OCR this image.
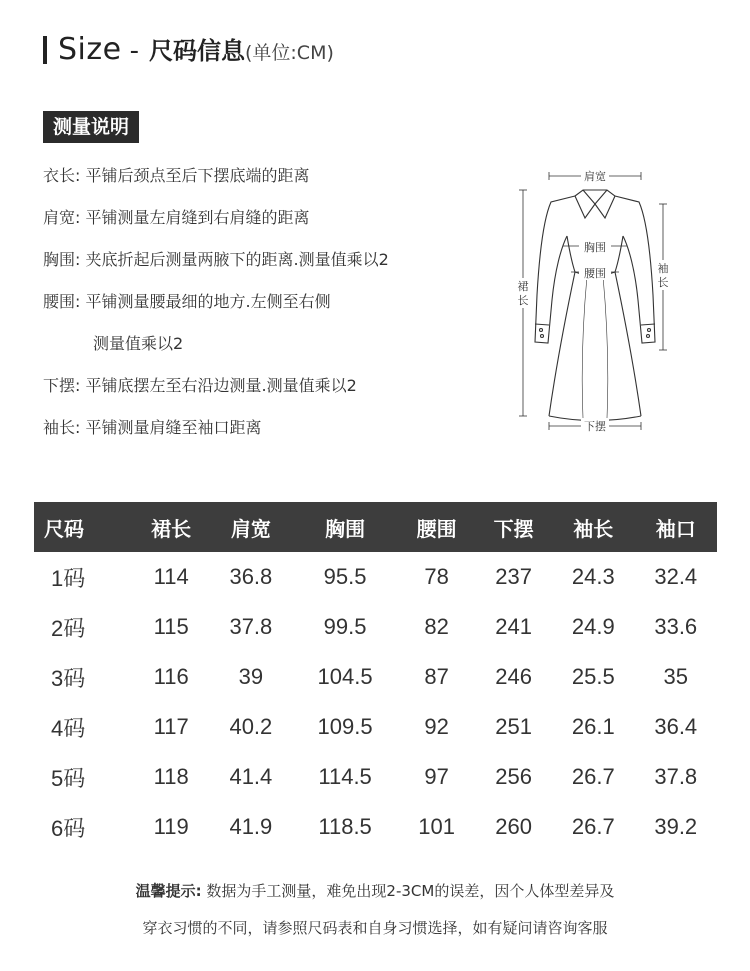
Size - 尺码信息(单位:CM)
测量说明
衣长: 平铺后颈点至后下摆底端的距离
肩宽: 平铺测量左肩缝到右肩缝的距离
胸围: 夹底折起后测量两腋下的距离.测量值乘以2
腰围: 平铺测量腰最细的地方.左侧至右侧
测量值乘以2
下摆: 平铺底摆左至右沿边测量.测量值乘以2
袖长: 平铺测量肩缝至袖口距离
肩宽
胸围
腰围
裙
长
袖
长
下摆
尺码	裙长	肩宽	胸围	腰围	下摆	袖长	袖口
1码	114	36.8	95.5	78	237	24.3	32.4
2码	115	37.8	99.5	82	241	24.9	33.6
3码	116	39	104.5	87	246	25.5	35
4码	117	40.2	109.5	92	251	26.1	36.4
5码	118	41.4	114.5	97	256	26.7	37.8
6码	119	41.9	118.5	101	260	26.7	39.2
温馨提示: 数据为手工测量，难免出现2-3CM的误差，因个人体型差异及
穿衣习惯的不同，请参照尺码表和自身习惯选择，如有疑问请咨询客服
